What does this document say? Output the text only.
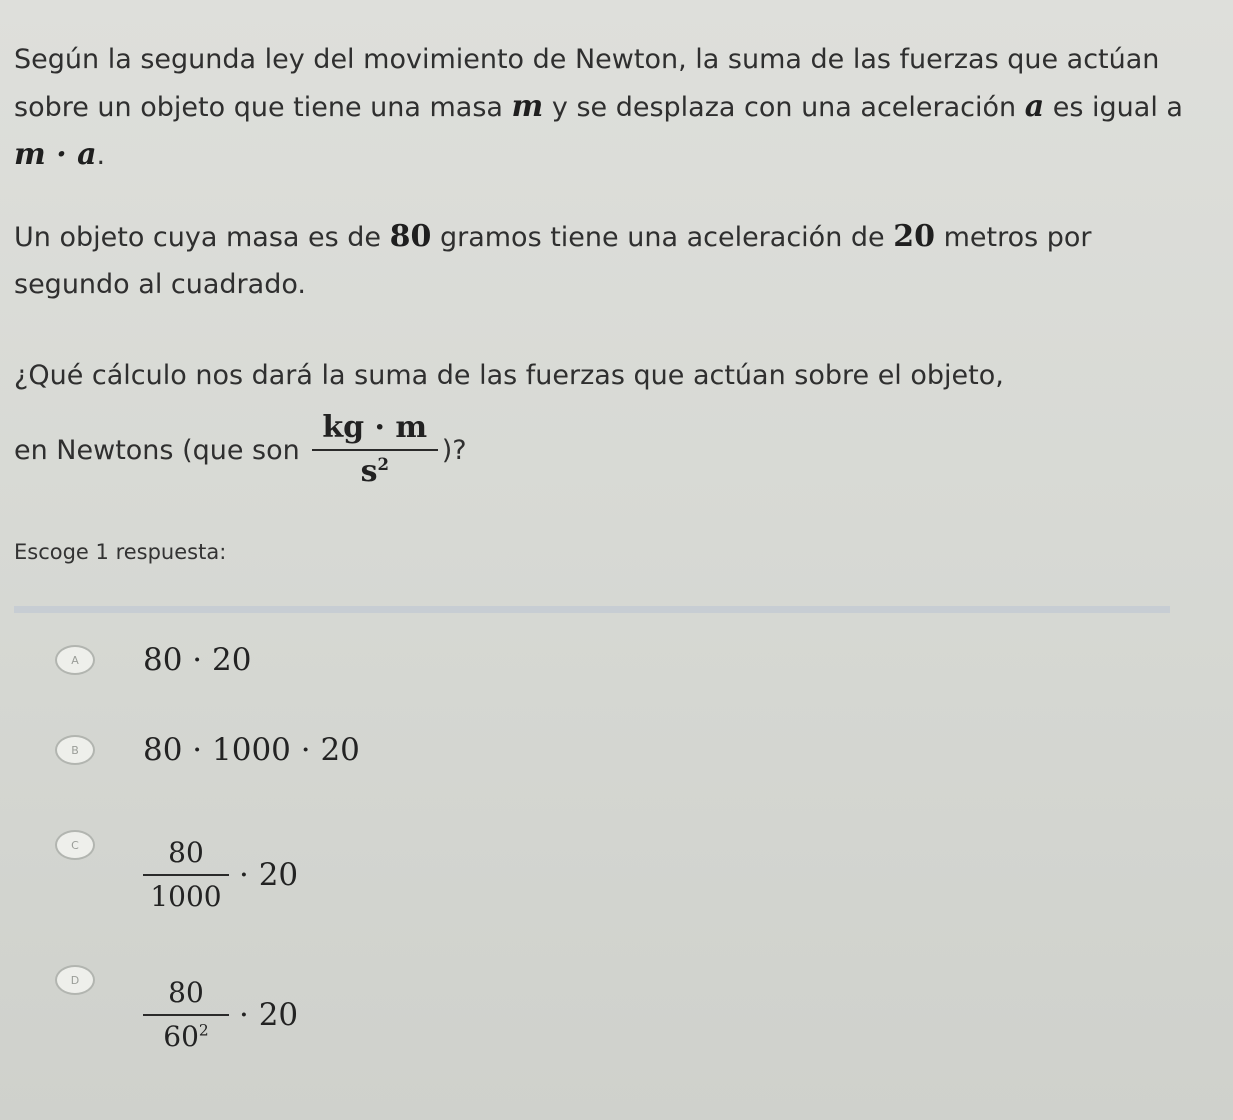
Según la segunda ley del movimiento de Newton, la suma de las fuerzas que actúan sobre un objeto que tiene una masa m y se desplaza con una aceleración a es igual a m · a.
Un objeto cuya masa es de 80 gramos tiene una aceleración de 20 metros por segundo al cuadrado.
¿Qué cálculo nos dará la suma de las fuerzas que actúan sobre el objeto,
en Newtons (que son $\frac{kg \cdot m}{s^2}$ )?
Escoge 1 respuesta:
A 80 · 20
B 80 · 1000 · 20
C $\frac{80}{1000} \cdot 20$
D $\frac{80}{60^2} \cdot 20$
